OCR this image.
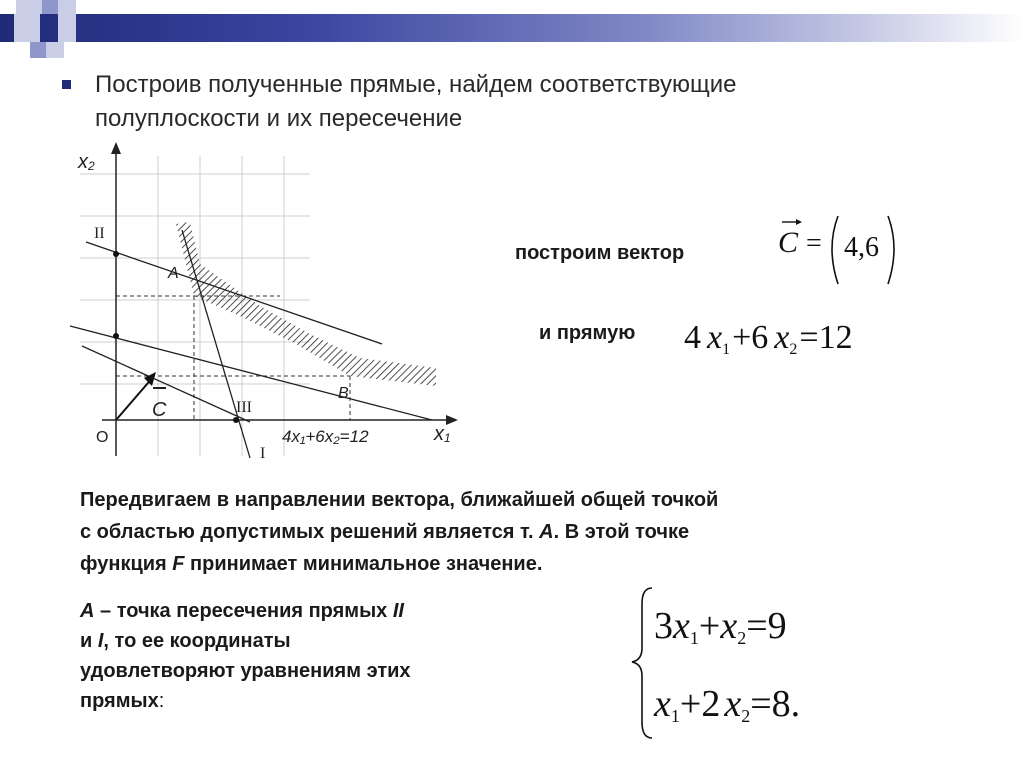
Построив полученные прямые, найдем соответствующие
полуплоскости и их пересечение
x2
x1
O
A
B
C
II
III
I
4x₁+6x₂=12
построим вектор	C = 4,6
и прямую 4 x1+6 x2=12
Передвигаем в направлении вектора, ближайшей общей точкой
с областью допустимых решений является т. А. В этой точке
функция F принимает минимальное значение.
А – точка пересечения прямых II
и I, то ее координаты
удовлетворяют уравнениям этих
прямых:
3x1+x2=9
x1+2 x2=8.
